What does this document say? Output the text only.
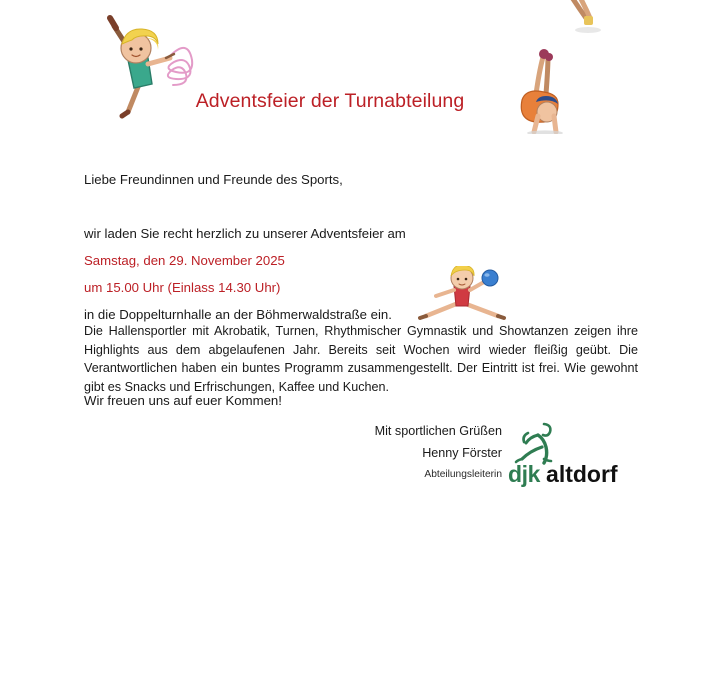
Adventsfeier der Turnabteilung
Liebe Freundinnen und Freunde des Sports,
wir laden Sie recht herzlich zu unserer Adventsfeier am
Samstag, den 29. November 2025
um 15.00 Uhr (Einlass 14.30 Uhr)
in die Doppelturnhalle an der Böhmerwaldstraße ein.
Die Hallensportler mit Akrobatik, Turnen, Rhythmischer Gymnastik und Showtanzen zeigen ihre Highlights aus dem abgelaufenen Jahr. Bereits seit Wochen wird wieder fleißig geübt. Die Verantwortlichen haben ein buntes Programm zusammengestellt. Der Eintritt ist frei. Wie gewohnt gibt es Snacks und Erfrischungen, Kaffee und Kuchen.
Wir freuen uns auf euer Kommen!
Mit sportlichen Grüßen
Henny Förster
Abteilungsleiterin djk altdorf
